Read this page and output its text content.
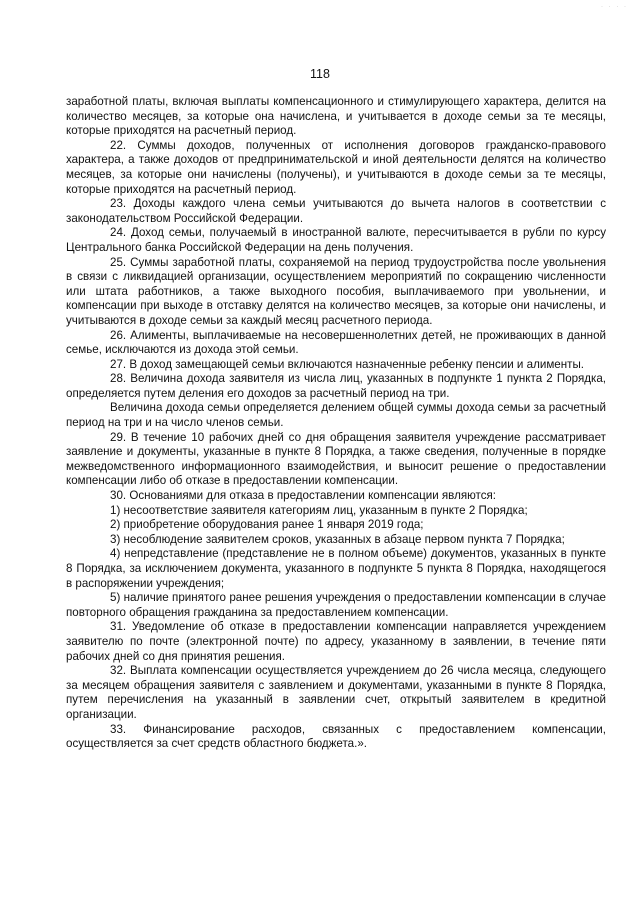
· · · ·
118

заработной платы, включая выплаты компенсационного и стимулирующего характера, делится на количество месяцев, за которые она начислена, и учитывается в доходе семьи за те месяцы, которые приходятся на расчетный период.

22. Суммы доходов, полученных от исполнения договоров гражданско-правового характера, а также доходов от предпринимательской и иной деятельности делятся на количество месяцев, за которые они начислены (получены), и учитываются в доходе семьи за те месяцы, которые приходятся на расчетный период.

23. Доходы каждого члена семьи учитываются до вычета налогов в соответствии с законодательством Российской Федерации.

24. Доход семьи, получаемый в иностранной валюте, пересчитывается в рубли по курсу Центрального банка Российской Федерации на день получения.

25. Суммы заработной платы, сохраняемой на период трудоустройства после увольнения в связи с ликвидацией организации, осуществлением мероприятий по сокращению численности или штата работников, а также выходного пособия, выплачиваемого при увольнении, и компенсации при выходе в отставку делятся на количество месяцев, за которые они начислены, и учитываются в доходе семьи за каждый месяц расчетного периода.

26. Алименты, выплачиваемые на несовершеннолетних детей, не проживающих в данной семье, исключаются из дохода этой семьи.

27. В доход замещающей семьи включаются назначенные ребенку пенсии и алименты.

28. Величина дохода заявителя из числа лиц, указанных в подпункте 1 пункта 2 Порядка, определяется путем деления его доходов за расчетный период на три.

Величина дохода семьи определяется делением общей суммы дохода семьи за расчетный период на три и на число членов семьи.

29. В течение 10 рабочих дней со дня обращения заявителя учреждение рассматривает заявление и документы, указанные в пункте 8 Порядка, а также сведения, полученные в порядке межведомственного информационного взаимодействия, и выносит решение о предоставлении компенсации либо об отказе в предоставлении компенсации.

30. Основаниями для отказа в предоставлении компенсации являются:

1) несоответствие заявителя категориям лиц, указанным в пункте 2 Порядка;

2) приобретение оборудования ранее 1 января 2019 года;

3) несоблюдение заявителем сроков, указанных в абзаце первом пункта 7 Порядка;

4) непредставление (представление не в полном объеме) документов, указанных в пункте 8 Порядка, за исключением документа, указанного в подпункте 5 пункта 8 Порядка, находящегося в распоряжении учреждения;

5) наличие принятого ранее решения учреждения о предоставлении компенсации в случае повторного обращения гражданина за предоставлением компенсации.

31. Уведомление об отказе в предоставлении компенсации направляется учреждением заявителю по почте (электронной почте) по адресу, указанному в заявлении, в течение пяти рабочих дней со дня принятия решения.

32. Выплата компенсации осуществляется учреждением до 26 числа месяца, следующего за месяцем обращения заявителя с заявлением и документами, указанными в пункте 8 Порядка, путем перечисления на указанный в заявлении счет, открытый заявителем в кредитной организации.

33. Финансирование расходов, связанных с предоставлением компенсации, осуществляется за счет средств областного бюджета.».
